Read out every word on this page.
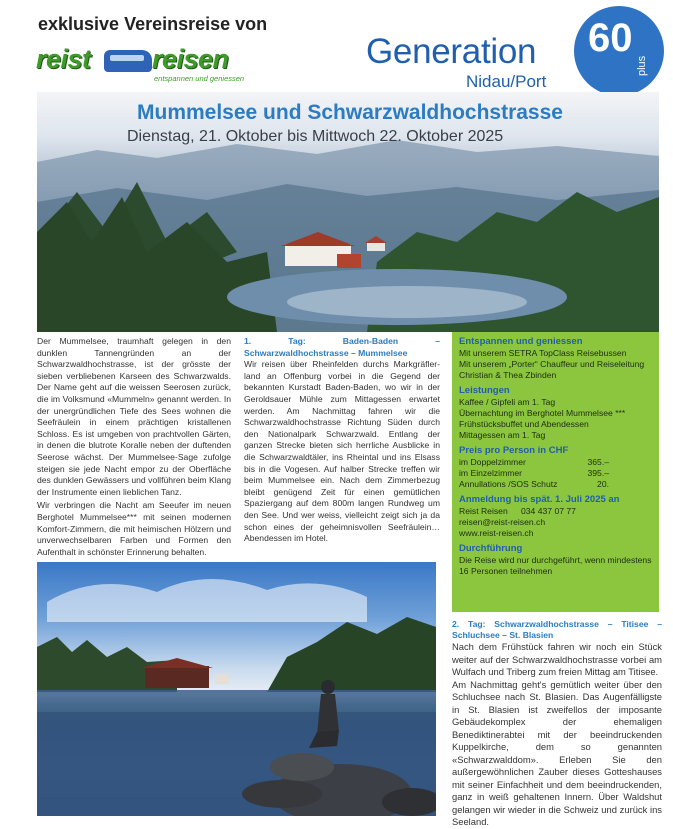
exklusive Vereinsreise von
reist reisen
entspannen und geniessen
Generation
Nidau/Port
60
plus
Mummelsee und Schwarzwaldhochstrasse
Dienstag, 21. Oktober bis Mittwoch 22. Oktober 2025

Der Mummelsee, traumhaft gelegen in den dunklen Tannengründen an der Schwarzwaldhochstrasse, ist der grösste der sieben verbliebenen Karseen des Schwarzwalds. Der Name geht auf die weissen Seerosen zurück, die im Volksmund «Mummeln» genannt werden. In der unergründlichen Tiefe des Sees wohnen die Seefräulein in einem prächtigen kristallenen Schloss. Es ist umgeben von prachtvollen Gärten, in denen die blutrote Koralle neben der duftenden Seerose wächst. Der Mummelsee-Sage zufolge steigen sie jede Nacht empor zu der Oberfläche des dunklen Gewässers und vollführen beim Klang der Instrumente einen lieblichen Tanz.

Wir verbringen die Nacht am Seeufer im neuen Berghotel Mummelsee*** mit seinen modernen Komfort-Zimmern, die mit heimischen Hölzern und unverwechselbaren Farben und Formen den Aufenthalt in schönster Erinnerung behalten.

1. Tag: Baden-Baden – Schwarzwaldhochstrasse – Mummelsee

Wir reisen über Rheinfelden durchs Markgräflerland an Offenburg vorbei in die Gegend der bekannten Kurstadt Baden-Baden, wo wir in der Geroldsauer Mühle zum Mittagessen erwartet werden. Am Nachmittag fahren wir die Schwarzwaldhochstrasse Richtung Süden durch den Nationalpark Schwarzwald. Entlang der ganzen Strecke bieten sich herrliche Ausblicke in die Schwarzwaldtäler, ins Rheintal und ins Elsass bis in die Vogesen. Auf halber Strecke treffen wir beim Mummelsee ein. Nach dem Zimmerbezug bleibt genügend Zeit für einen gemütlichen Spaziergang auf dem 800m langen Rundweg um den See. Und wer weiss, vielleicht zeigt sich ja da schon eines der geheimnisvollen Seefräulein… Abendessen im Hotel.

Entspannen und geniessen
Mit unserem SETRA TopClass Reisebussen
Mit unserem „Porter“ Chauffeur und Reiseleitung
Christian & Thea Zbinden
Leistungen
Kaffee / Gipfeli am 1. Tag
Übernachtung im Berghotel Mummelsee ***
Frühstücksbuffet und Abendessen
Mittagessen am 1. Tag
Preis pro Person in CHF
im Doppelzimmer	365.–
im Einzelzimmer	395.–
Annullations /SOS Schutz	20.
Anmeldung bis spät. 1. Juli 2025 an
Reist Reisen	034 437 07 77
reisen@reist-reisen.ch
www.reist-reisen.ch
Durchführung
Die Reise wird nur durchgeführt, wenn mindestens 16 Personen teilnehmen
2. Tag: Schwarzwaldhochstrasse – Titisee – Schluchsee – St. Blasien
Nach dem Frühstück fahren wir noch ein Stück weiter auf der Schwarzwaldhochstrasse vorbei am Wulfach und Triberg zum freien Mittag am Titisee.
Am Nachmittag geht's gemütlich weiter über den Schluchsee nach St. Blasien. Das Augenfälligste in St. Blasien ist zweifellos der imposante Gebäudekomplex der ehemaligen Benediktinerabtei mit der beeindruckenden Kuppelkirche, dem so genannten «Schwarzwalddom». Erleben Sie den außergewöhnlichen Zauber dieses Gotteshauses mit seiner Einfachheit und dem beeindruckenden, ganz in weiß gehaltenen Innern. Über Waldshut gelangen wir wieder in die Schweiz und zurück ins Seeland.
